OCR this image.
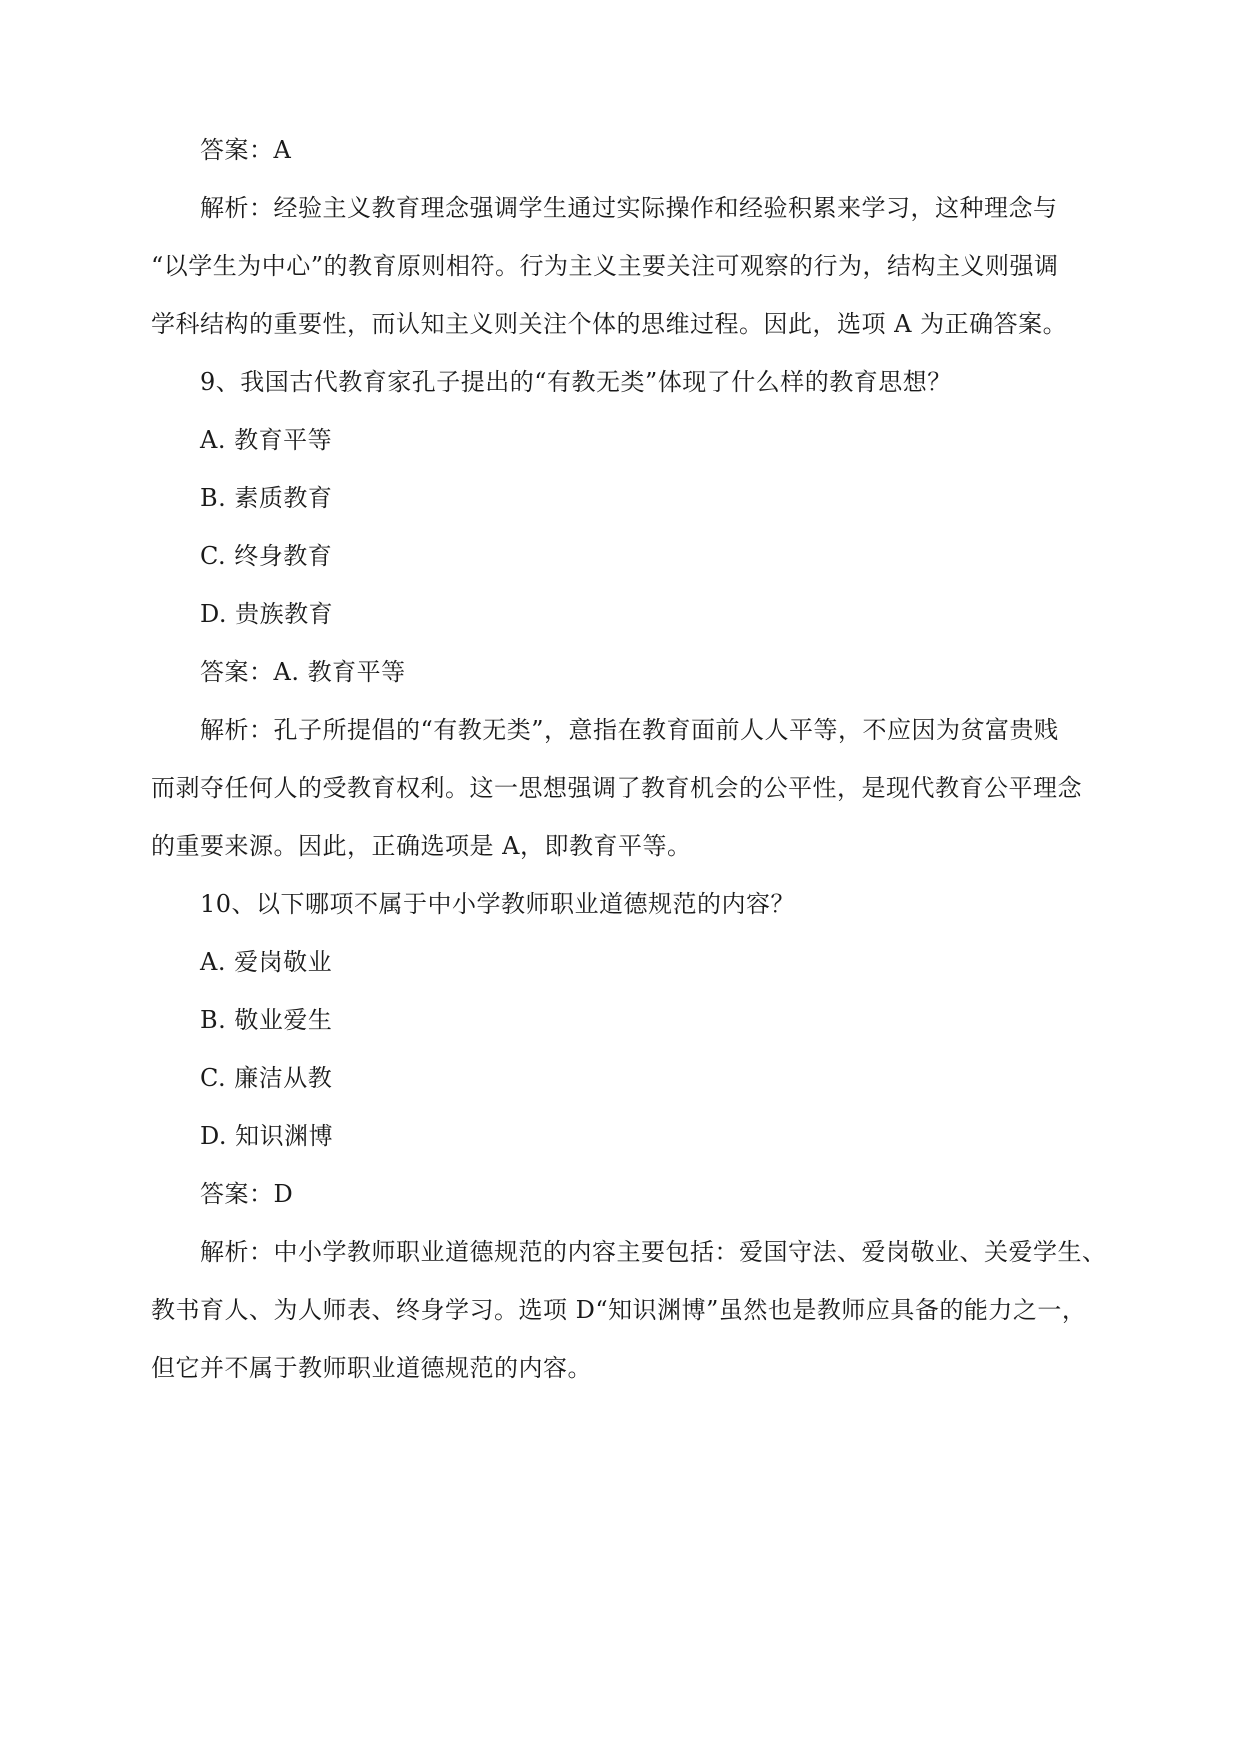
答案：A
解析：经验主义教育理念强调学生通过实际操作和经验积累来学习，这种理念与
“以学生为中心”的教育原则相符。行为主义主要关注可观察的行为，结构主义则强调
学科结构的重要性，而认知主义则关注个体的思维过程。因此，选项 A 为正确答案。
9、我国古代教育家孔子提出的“有教无类”体现了什么样的教育思想？
A. 教育平等
B. 素质教育
C. 终身教育
D. 贵族教育
答案：A. 教育平等
解析：孔子所提倡的“有教无类”，意指在教育面前人人平等，不应因为贫富贵贱
而剥夺任何人的受教育权利。这一思想强调了教育机会的公平性，是现代教育公平理念
的重要来源。因此，正确选项是 A，即教育平等。
10、以下哪项不属于中小学教师职业道德规范的内容？
A. 爱岗敬业
B. 敬业爱生
C. 廉洁从教
D. 知识渊博
答案：D
解析：中小学教师职业道德规范的内容主要包括：爱国守法、爱岗敬业、关爱学生、
教书育人、为人师表、终身学习。选项 D“知识渊博”虽然也是教师应具备的能力之一，
但它并不属于教师职业道德规范的内容。
